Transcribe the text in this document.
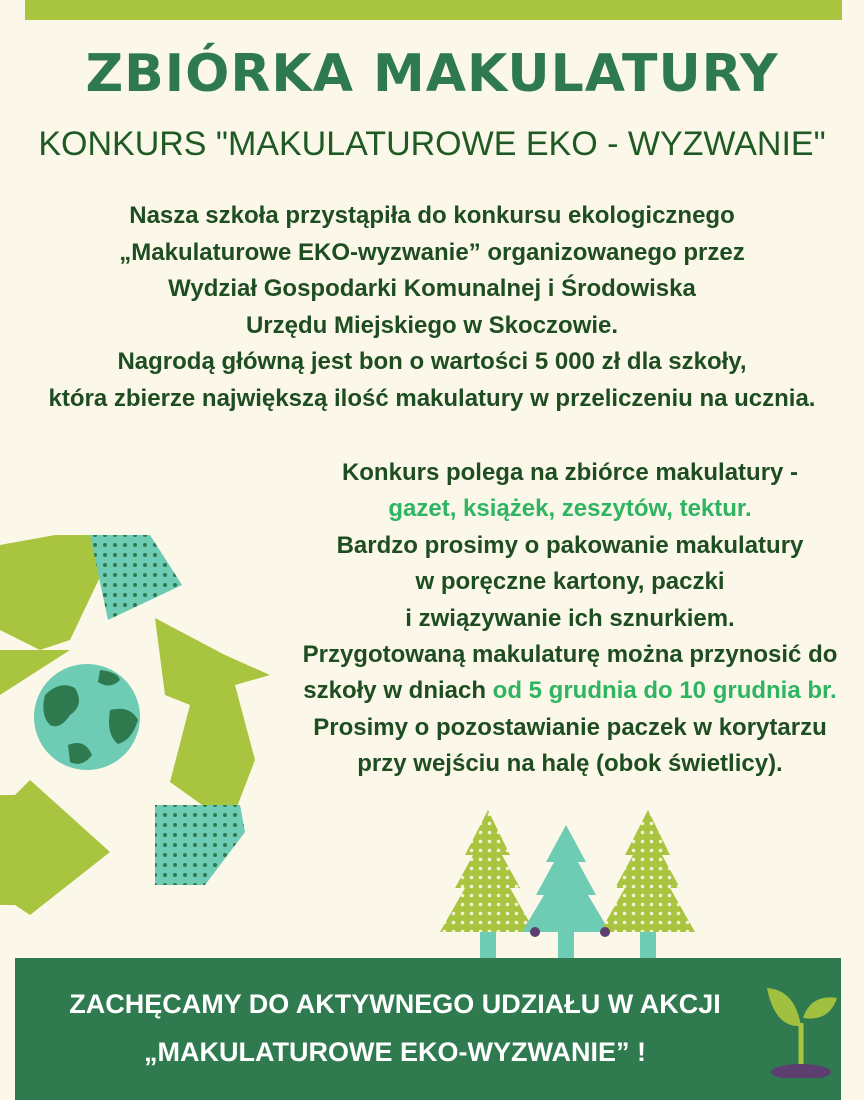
ZBIÓRKA MAKULATURY
KONKURS "MAKULATUROWE EKO - WYZWANIE"
Nasza szkoła przystąpiła do konkursu ekologicznego
„Makulaturowe EKO-wyzwanie” organizowanego przez
Wydział Gospodarki Komunalnej i Środowiska
Urzędu Miejskiego w Skoczowie.
Nagrodą główną jest bon o wartości 5 000 zł dla szkoły,
która zbierze największą ilość makulatury w przeliczeniu na ucznia.
Konkurs polega na zbiórce makulatury -
gazet, książek, zeszytów, tektur.
Bardzo prosimy o pakowanie makulatury
w poręczne kartony, paczki
i związywanie ich sznurkiem.
Przygotowaną makulaturę można przynosić do
szkoły w dniach od 5 grudnia do 10 grudnia br.
Prosimy o pozostawianie paczek w korytarzu
przy wejściu na halę (obok świetlicy).
ZACHĘCAMY DO AKTYWNEGO UDZIAŁU W AKCJI
„MAKULATUROWE EKO-WYZWANIE” !
